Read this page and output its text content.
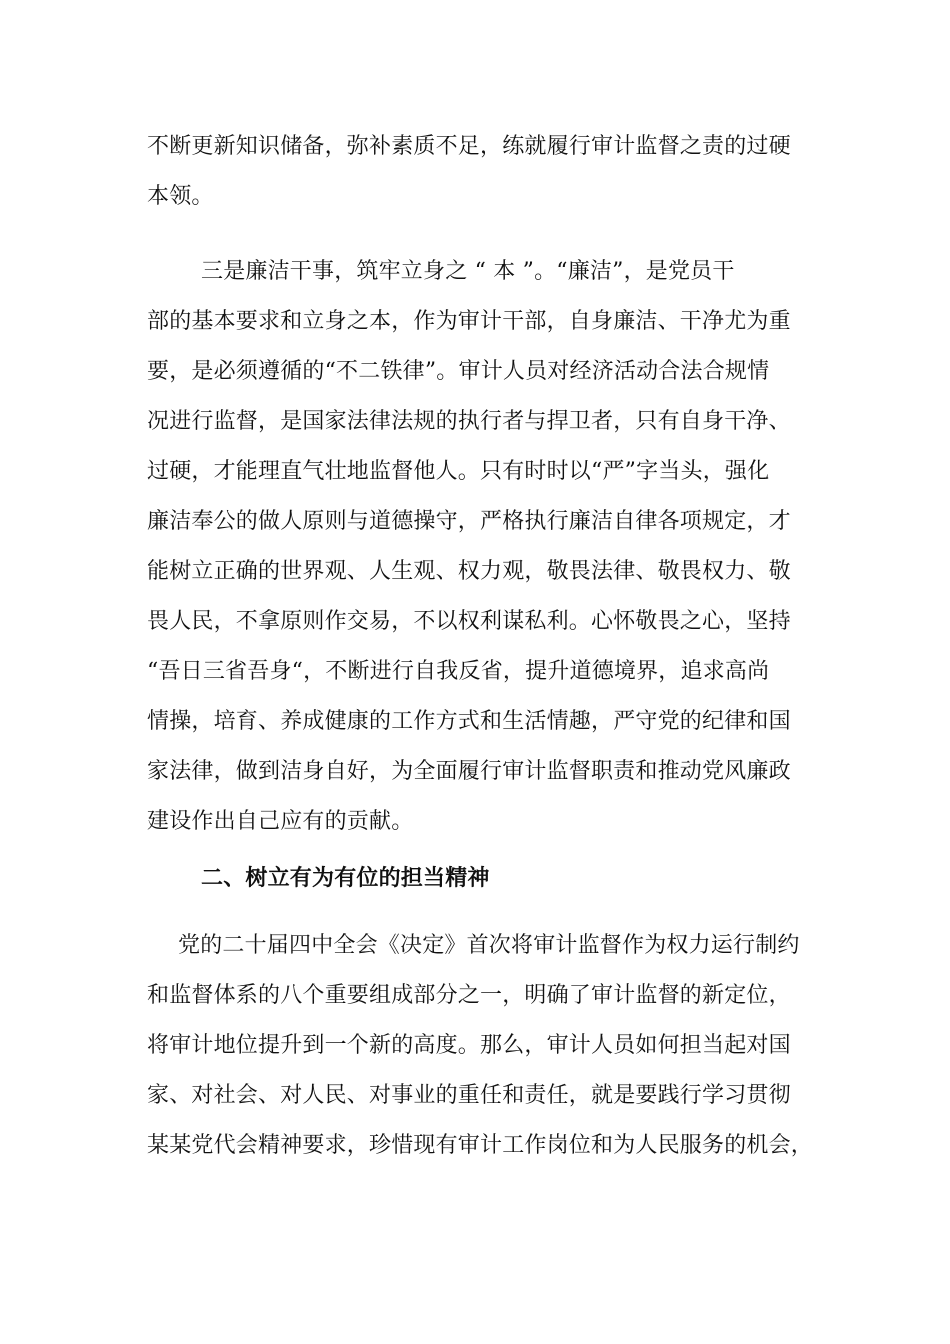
不断更新知识储备，弥补素质不足，练就履行审计监督之责的过硬
本领。
三是廉洁干事，筑牢立身之 “ 本 ”。“廉洁”，是党员干
部的基本要求和立身之本，作为审计干部，自身廉洁、干净尤为重
要，是必须遵循的“不二铁律”。审计人员对经济活动合法合规情
况进行监督，是国家法律法规的执行者与捍卫者，只有自身干净、
过硬，才能理直气壮地监督他人。只有时时以“严”字当头，强化
廉洁奉公的做人原则与道德操守，严格执行廉洁自律各项规定，才
能树立正确的世界观、人生观、权力观，敬畏法律、敬畏权力、敬
畏人民，不拿原则作交易，不以权利谋私利。心怀敬畏之心，坚持
“吾日三省吾身“，不断进行自我反省，提升道德境界，追求高尚
情操，培育、养成健康的工作方式和生活情趣，严守党的纪律和国
家法律，做到洁身自好，为全面履行审计监督职责和推动党风廉政
建设作出自己应有的贡献。
二、树立有为有位的担当精神
党的二十届四中全会《决定》首次将审计监督作为权力运行制约
和监督体系的八个重要组成部分之一，明确了审计监督的新定位，
将审计地位提升到一个新的高度。那么，审计人员如何担当起对国
家、对社会、对人民、对事业的重任和责任，就是要践行学习贯彻
某某党代会精神要求，珍惜现有审计工作岗位和为人民服务的机会，
